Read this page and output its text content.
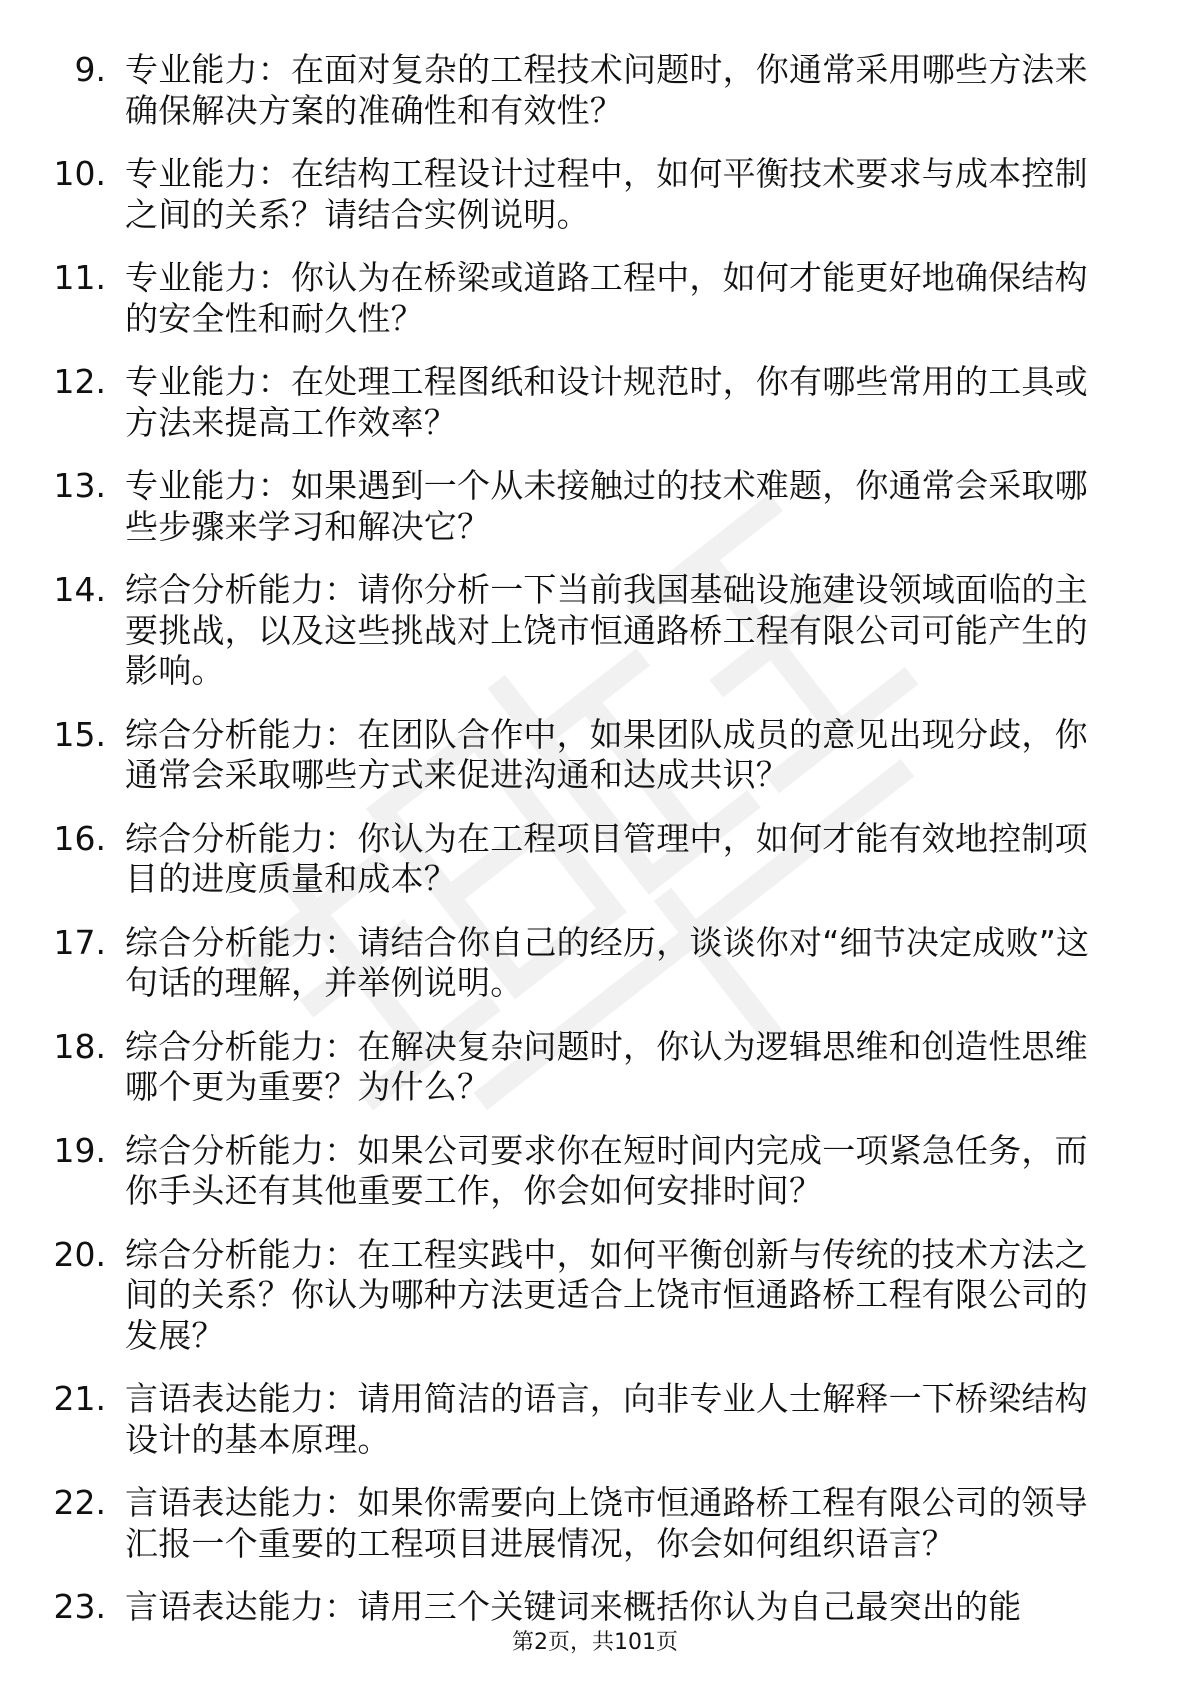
9. 专业能力：在面对复杂的工程技术问题时，你通常采用哪些方法来确保解决方案的准确性和有效性？
10. 专业能力：在结构工程设计过程中，如何平衡技术要求与成本控制之间的关系？请结合实例说明。
11. 专业能力：你认为在桥梁或道路工程中，如何才能更好地确保结构的安全性和耐久性？
12. 专业能力：在处理工程图纸和设计规范时，你有哪些常用的工具或方法来提高工作效率？
13. 专业能力：如果遇到一个从未接触过的技术难题，你通常会采取哪些步骤来学习和解决它？
14. 综合分析能力：请你分析一下当前我国基础设施建设领域面临的主要挑战，以及这些挑战对上饶市恒通路桥工程有限公司可能产生的影响。
15. 综合分析能力：在团队合作中，如果团队成员的意见出现分歧，你通常会采取哪些方式来促进沟通和达成共识？
16. 综合分析能力：你认为在工程项目管理中，如何才能有效地控制项目的进度质量和成本？
17. 综合分析能力：请结合你自己的经历，谈谈你对“细节决定成败”这句话的理解，并举例说明。
18. 综合分析能力：在解决复杂问题时，你认为逻辑思维和创造性思维哪个更为重要？为什么？
19. 综合分析能力：如果公司要求你在短时间内完成一项紧急任务，而你手头还有其他重要工作，你会如何安排时间？
20. 综合分析能力：在工程实践中，如何平衡创新与传统的技术方法之间的关系？你认为哪种方法更适合上饶市恒通路桥工程有限公司的发展？
21. 言语表达能力：请用简洁的语言，向非专业人士解释一下桥梁结构设计的基本原理。
22. 言语表达能力：如果你需要向上饶市恒通路桥工程有限公司的领导汇报一个重要的工程项目进展情况，你会如何组织语言？
23. 言语表达能力：请用三个关键词来概括你认为自己最突出的能
第2页，共101页
